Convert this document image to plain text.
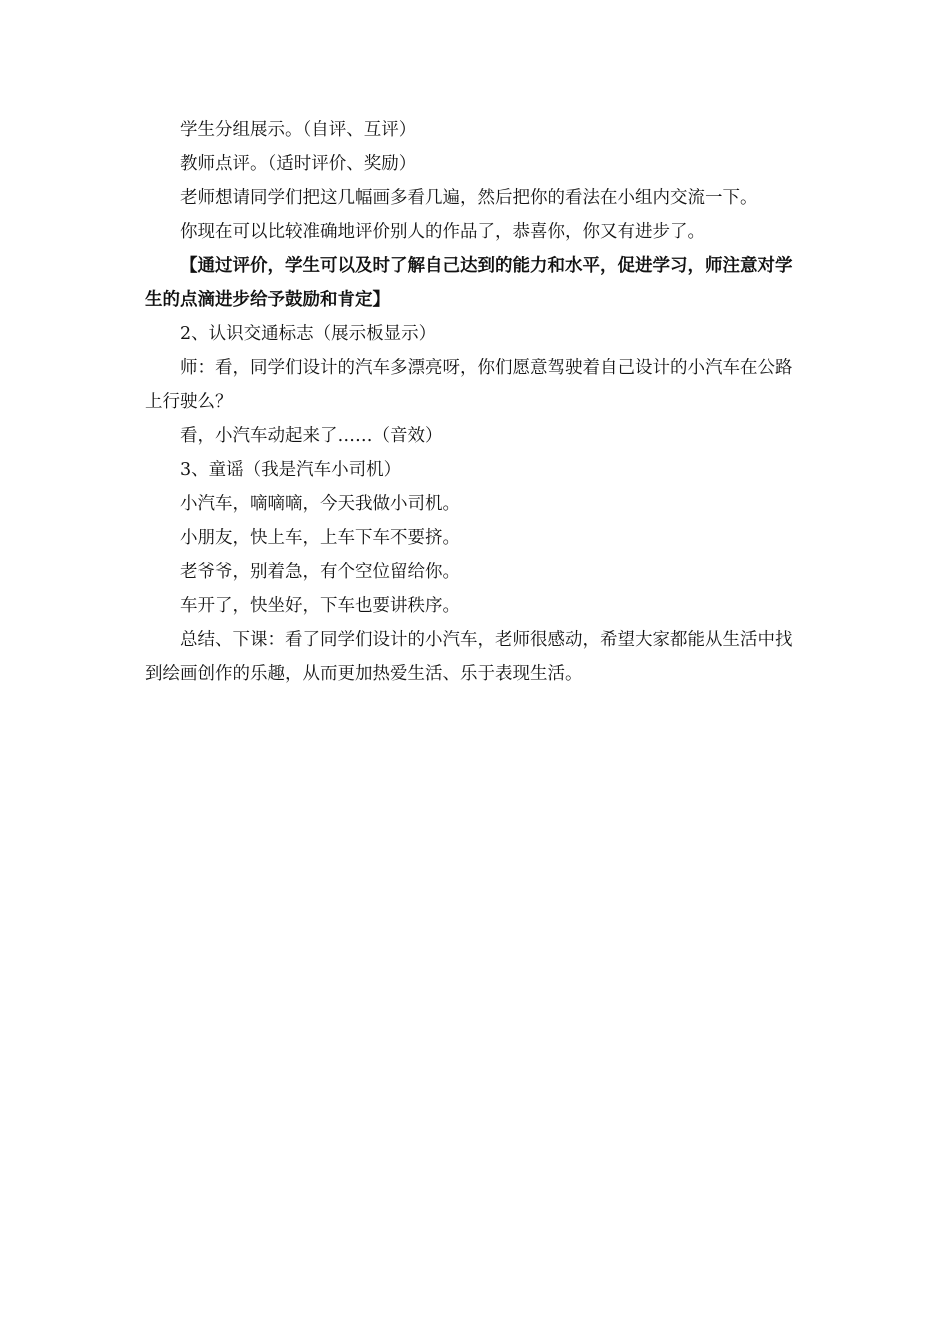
学生分组展示。（自评、互评）

教师点评。（适时评价、奖励）

老师想请同学们把这几幅画多看几遍，然后把你的看法在小组内交流一下。

你现在可以比较准确地评价别人的作品了，恭喜你，你又有进步了。

【通过评价，学生可以及时了解自己达到的能力和水平，促进学习，师注意对学生的点滴进步给予鼓励和肯定】

2、认识交通标志（展示板显示）

师：看，同学们设计的汽车多漂亮呀，你们愿意驾驶着自己设计的小汽车在公路上行驶么？

看，小汽车动起来了……（音效）

3、童谣（我是汽车小司机）

小汽车，嘀嘀嘀，今天我做小司机。

小朋友，快上车，上车下车不要挤。

老爷爷，别着急，有个空位留给你。

车开了，快坐好，下车也要讲秩序。

总结、下课：看了同学们设计的小汽车，老师很感动，希望大家都能从生活中找到绘画创作的乐趣，从而更加热爱生活、乐于表现生活。
